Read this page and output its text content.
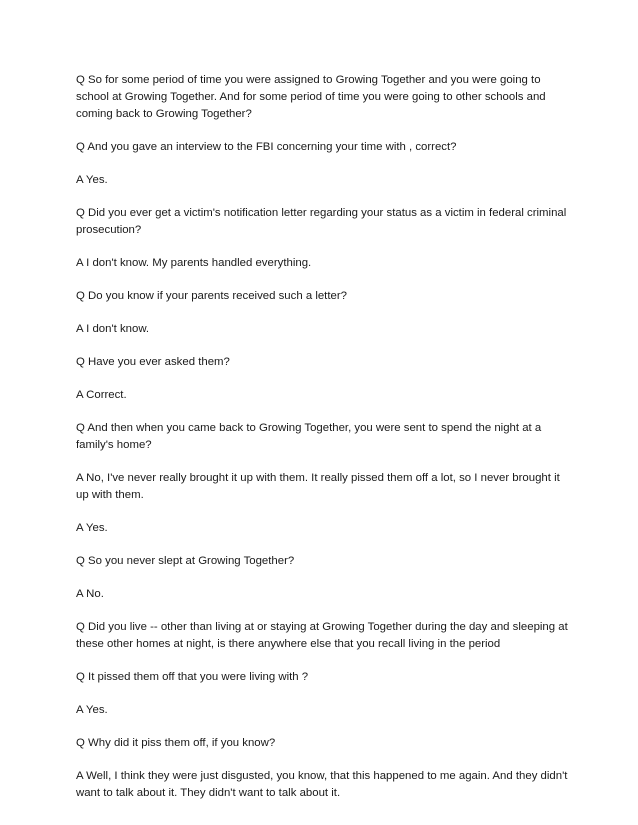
Q So for some period of time you were assigned to Growing Together and you were going to school at Growing Together. And for some period of time you were going to other schools and coming back to Growing Together?

Q And you gave an interview to the FBI concerning your time with , correct?

A Yes.

Q Did you ever get a victim's notification letter regarding your status as a victim in federal criminal prosecution?

A I don't know. My parents handled everything.

Q Do you know if your parents received such a letter?

A I don't know.

Q Have you ever asked them?

A Correct.

Q And then when you came back to Growing Together, you were sent to spend the night at a family's home?

A No, I've never really brought it up with them. It really pissed them off a lot, so I never brought it up with them.

A Yes.

Q So you never slept at Growing Together?

A No.

Q Did you live -- other than living at or staying at Growing Together during the day and sleeping at these other homes at night, is there anywhere else that you recall living in the period

Q It pissed them off that you were living with ?

A Yes.

Q Why did it piss them off, if you know?

A Well, I think they were just disgusted, you know, that this happened to me again. And they didn't want to talk about it. They didn't want to talk about it.
